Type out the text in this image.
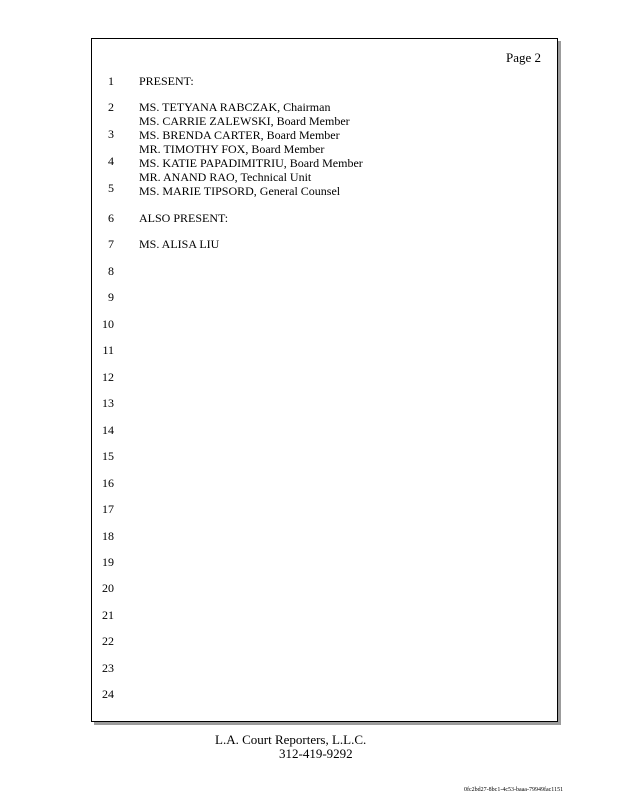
Page 2
1
2
3
4
5
6
7
8
9
10
11
12
13
14
15
16
17
18
19
20
21
22
23
24
PRESENT:
MS. TETYANA RABCZAK, Chairman
MS. CARRIE ZALEWSKI, Board Member
MS. BRENDA CARTER, Board Member
MR. TIMOTHY FOX, Board Member
MS. KATIE PAPADIMITRIU, Board Member
MR. ANAND RAO, Technical Unit
MS. MARIE TIPSORD, General Counsel
ALSO PRESENT:
MS. ALISA LIU
L.A. Court Reporters, L.L.C.
312-419-9292
0fc2bd27-8bc1-4c53-baaa-79949fac1151
